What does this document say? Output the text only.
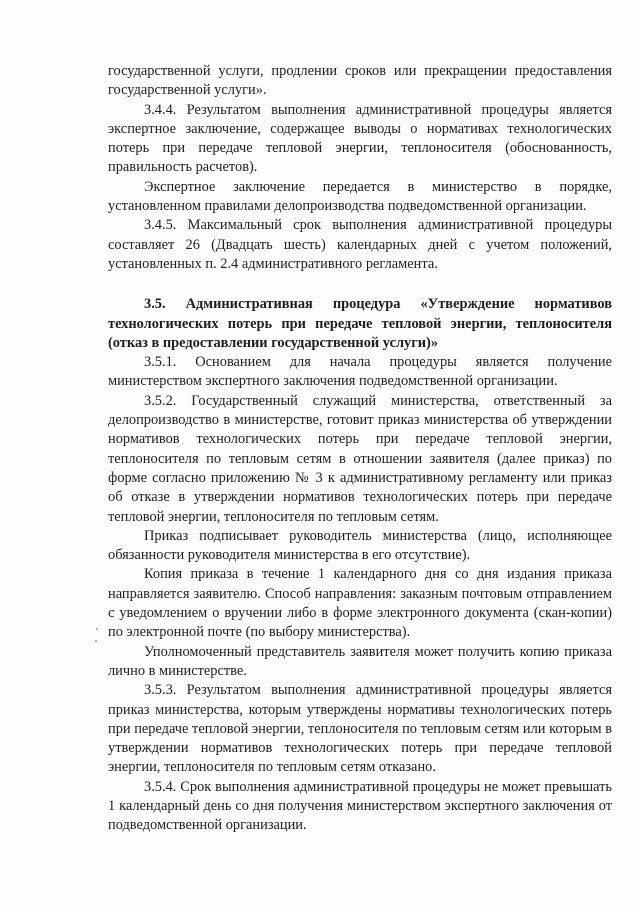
государственной услуги, продлении сроков или прекращении предоставления государственной услуги».

3.4.4. Результатом выполнения административной процедуры является экспертное заключение, содержащее выводы о нормативах технологических потерь при передаче тепловой энергии, теплоносителя (обоснованность, правильность расчетов).

Экспертное заключение передается в министерство в порядке, установленном правилами делопроизводства подведомственной организации.

3.4.5. Максимальный срок выполнения административной процедуры составляет 26 (Двадцать шесть) календарных дней с учетом положений, установленных п. 2.4 административного регламента.

3.5. Административная процедура «Утверждение нормативов технологических потерь при передаче тепловой энергии, теплоносителя (отказ в предоставлении государственной услуги)»

3.5.1. Основанием для начала процедуры является получение министерством экспертного заключения подведомственной организации.

3.5.2. Государственный служащий министерства, ответственный за делопроизводство в министерстве, готовит приказ министерства об утверждении нормативов технологических потерь при передаче тепловой энергии, теплоносителя по тепловым сетям в отношении заявителя (далее приказ) по форме согласно приложению № 3 к административному регламенту или приказ об отказе в утверждении нормативов технологических потерь при передаче тепловой энергии, теплоносителя по тепловым сетям.

Приказ подписывает руководитель министерства (лицо, исполняющее обязанности руководителя министерства в его отсутствие).

Копия приказа в течение 1 календарного дня со дня издания приказа направляется заявителю. Способ направления: заказным почтовым отправлением с уведомлением о вручении либо в форме электронного документа (скан-копии) по электронной почте (по выбору министерства).

Уполномоченный представитель заявителя может получить копию приказа лично в министерстве.

3.5.3. Результатом выполнения административной процедуры является приказ министерства, которым утверждены нормативы технологических потерь при передаче тепловой энергии, теплоносителя по тепловым сетям или которым в утверждении нормативов технологических потерь при передаче тепловой энергии, теплоносителя по тепловым сетям отказано.

3.5.4. Срок выполнения административной процедуры не может превышать 1 календарный день со дня получения министерством экспертного заключения от подведомственной организации.
